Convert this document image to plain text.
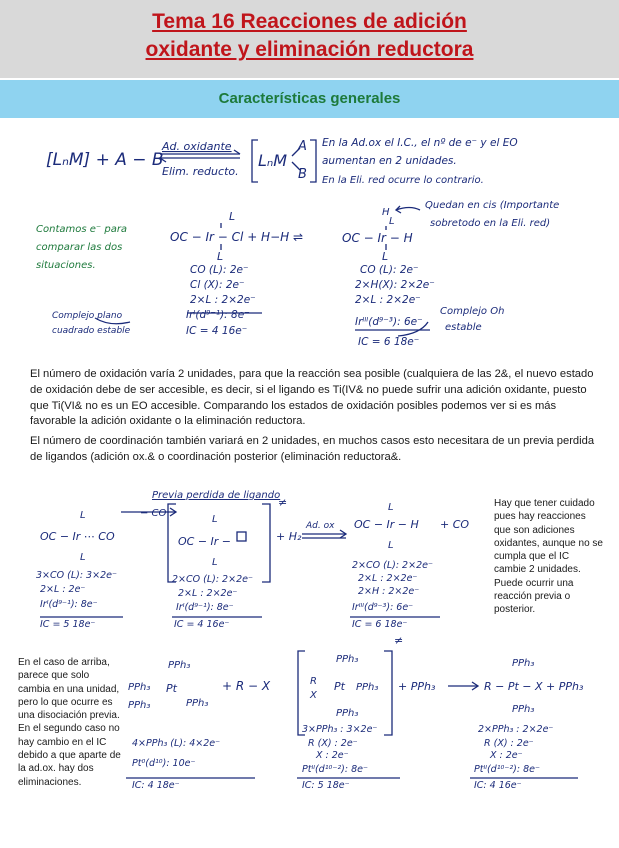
Tema 16 Reacciones de adición
oxidante y eliminación reductora
Características generales
[LₙM] + A − B
Ad. oxidante
Elim. reducto.
LₙM
A
B
En la Ad.ox el I.C., el nº de e⁻ y el EO
aumentan en 2 unidades.
En la Eli. red ocurre lo contrario.
Contamos e⁻ para
comparar las dos
situaciones.
L
OC − Ir − Cl + H−H ⇌
L
H
L
OC − Ir − H
L
Quedan en cis (Importante
sobretodo en la Eli. red)
CO (L): 2e⁻
Cl (X): 2e⁻
2×L : 2×2e⁻
Irᴵ(d⁹⁻¹): 8e⁻
IC = 4 16e⁻
CO (L): 2e⁻
2×H(X): 2×2e⁻
2×L : 2×2e⁻
Irᴵᴵᴵ(d⁹⁻³): 6e⁻
IC = 6 18e⁻
Complejo plano
cuadrado estable
Complejo Oh
estable
Previa perdida de ligando
OC − Ir ⋯ CO
L
L
− CO
OC − Ir −
L
L
≠
+ H₂
Ad. ox OC − Ir − H
L
L
+ CO
3×CO (L): 3×2e⁻
2×L : 2e⁻
Irᴵ(d⁹⁻¹): 8e⁻
IC = 5 18e⁻
2×CO (L): 2×2e⁻
2×L : 2×2e⁻
Irᴵ(d⁹⁻¹): 8e⁻
IC = 4 16e⁻
2×CO (L): 2×2e⁻
2×L : 2×2e⁻
2×H : 2×2e⁻
Irᴵᴵᴵ(d⁹⁻³): 6e⁻
IC = 6 18e⁻
PPh₃
PPh₃ Pt
PPh₃
PPh₃
+ R − X
PPh₃
R Pt PPh₃
X
PPh₃
≠
+ PPh₃
PPh₃
R − Pt − X + PPh₃
PPh₃
4×PPh₃ (L): 4×2e⁻
Pt⁰(d¹⁰): 10e⁻
IC: 4 18e⁻
3×PPh₃ : 3×2e⁻
R (X) : 2e⁻
X : 2e⁻
Ptᴵᴵ(d¹⁰⁻²): 8e⁻
IC: 5 18e⁻
2×PPh₃ : 2×2e⁻
R (X) : 2e⁻
X : 2e⁻
Ptᴵᴵ(d¹⁰⁻²): 8e⁻
IC: 4 16e⁻

El número de oxidación varía 2 unidades, para que la reacción sea posible (cualquiera de las 2&, el nuevo estado de oxidación debe de ser accesible, es decir, si el ligando es Ti(IV& no puede sufrir una adición oxidante, puesto que Ti(VI& no es un EO accesible. Comparando los estados de oxidación posibles podemos ver si es más favorable la adición oxidante o la eliminación reductora.

El número de coordinación también variará en 2 unidades, en muchos casos esto necesitara de un previa perdida de ligandos (adición ox.& o coordinación posterior (eliminación reductora&.

Hay que tener cuidado pues hay reacciones que son adiciones oxidantes, aunque no se cumpla que el IC cambie 2 unidades. Puede ocurrir una reacción previa o posterior.
En el caso de arriba, parece que solo cambia en una unidad, pero lo que ocurre es una disociación previa. En el segundo caso no hay cambio en el IC debido a que aparte de la ad.ox. hay dos eliminaciones.
